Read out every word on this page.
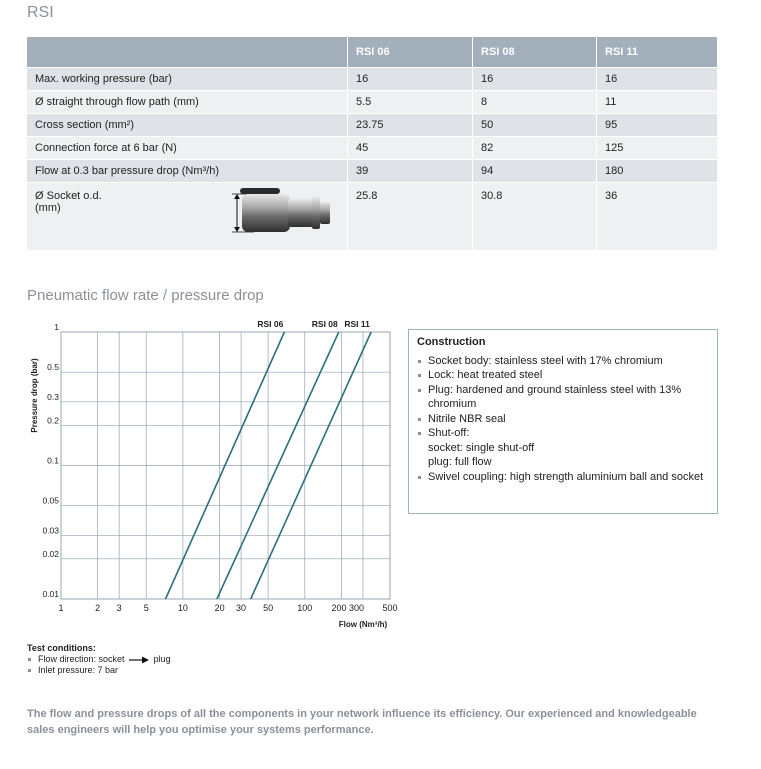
RSI
	RSI 06	RSI 08	RSI 11
Max. working pressure (bar)	16	16	16
Ø straight through flow path (mm)	5.5	8	11
Cross section (mm²)	23.75	50	95
Connection force at 6 bar (N)	45	82	125
Flow at 0.3 bar pressure drop (Nm³/h)	39	94	180

Ø Socket o.d.
(mm)	25.8	30.8	36
Pneumatic flow rate / pressure drop
RSI 06	RSI 08 RSI 11
1	2 3 5	10	20 30 50	100 200 300 500
0.01
0.02
0.03
0.05
0.1
0.2
0.3
0.5
1
Pressure drop (bar)
Flow (Nm³/h)
Construction
Socket body: stainless steel with 17% chromium
Lock: heat treated steel
Plug: hardened and ground stainless steel with 13% chromium
Nitrile NBR seal
Shut-off:
socket: single shut-off
plug: full flow
Swivel coupling: high strength aluminium ball and socket
Test conditions:
Flow direction: socket	plug
Inlet pressure: 7 bar
The flow and pressure drops of all the components in your network influence its efficiency. Our experienced and knowledgeable sales engineers will help you optimise your systems performance.
